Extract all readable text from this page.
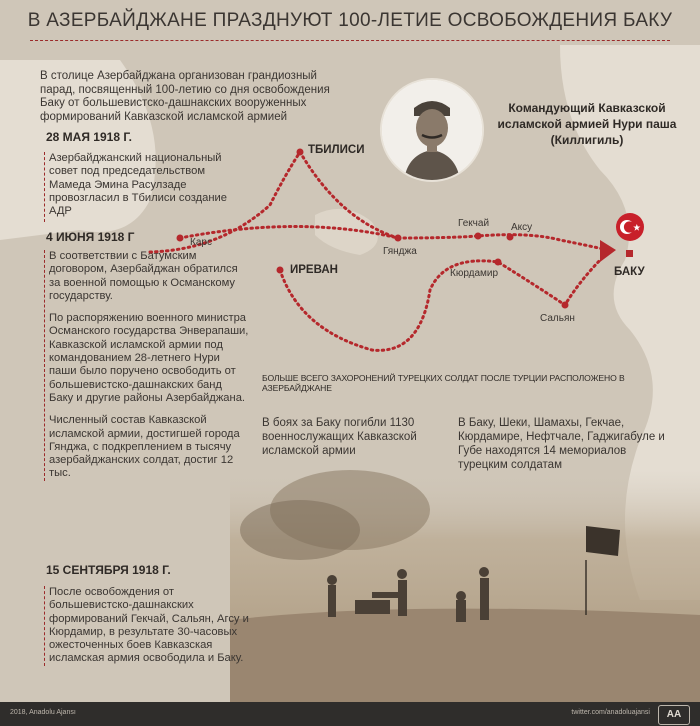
В АЗЕРБАЙДЖАНЕ ПРАЗДНУЮТ 100-ЛЕТИЕ ОСВОБОЖДЕНИЯ БАКУ
В столице Азербайджана организован грандиозный парад, посвященный 100-летию со дня освобождения Баку от большевистско-дашнакских вооруженных формирований Кавказской исламской армией
28 МАЯ 1918 Г.
Азербайджанский национальный совет под председательством Мамеда Эмина Расулзаде провозгласил в Тбилиси создание АДР
4 ИЮНЯ 1918 Г
В соответствии с Батумским договором, Азербайджан обратился за военной помощью к Османскому государству.
По распоряжению военного министра Османского государства Энверапаши, Кавказской исламской армии под командованием 28-летнего Нури паши было поручено освободить от большевистско-дашнакских банд Баку и другие районы Азербайджана.
Численный состав Кавказской исламской армии, достигшей города Гянджа, с подкреплением в тысячу азербайджанских солдат, достиг 12 тыс.
15 СЕНТЯБРЯ 1918 Г.
После освобождения от большевистско-дашнакских формирований Гекчай, Сальян, Агсу и Кюрдамир, в результате 30-часовых ожесточенных боев Кавказская исламская армия освободила и Баку.
Командующий Кавказской исламской армией Нури паша (Киллигиль)
ТБИЛИСИ
Карс
Гянджа
Гекчай Аксу
ИРЕВАН	Кюрдамир
Сальян
БАКУ
БОЛЬШЕ ВСЕГО ЗАХОРОНЕНИЙ ТУРЕЦКИХ СОЛДАТ ПОСЛЕ ТУРЦИИ РАСПОЛОЖЕНО В АЗЕРБАЙДЖАНЕ
В боях за Баку погибли 1130 военнослужащих Кавказской исламской армии
В Баку, Шеки, Шамахы, Гекчае, Кюрдамире, Нефтчале, Гаджигабуле и Губе находятся 14 мемориалов турецким солдатам
2018, Anadolu Ajansı	twitter.com/anadoluajansi	AA
